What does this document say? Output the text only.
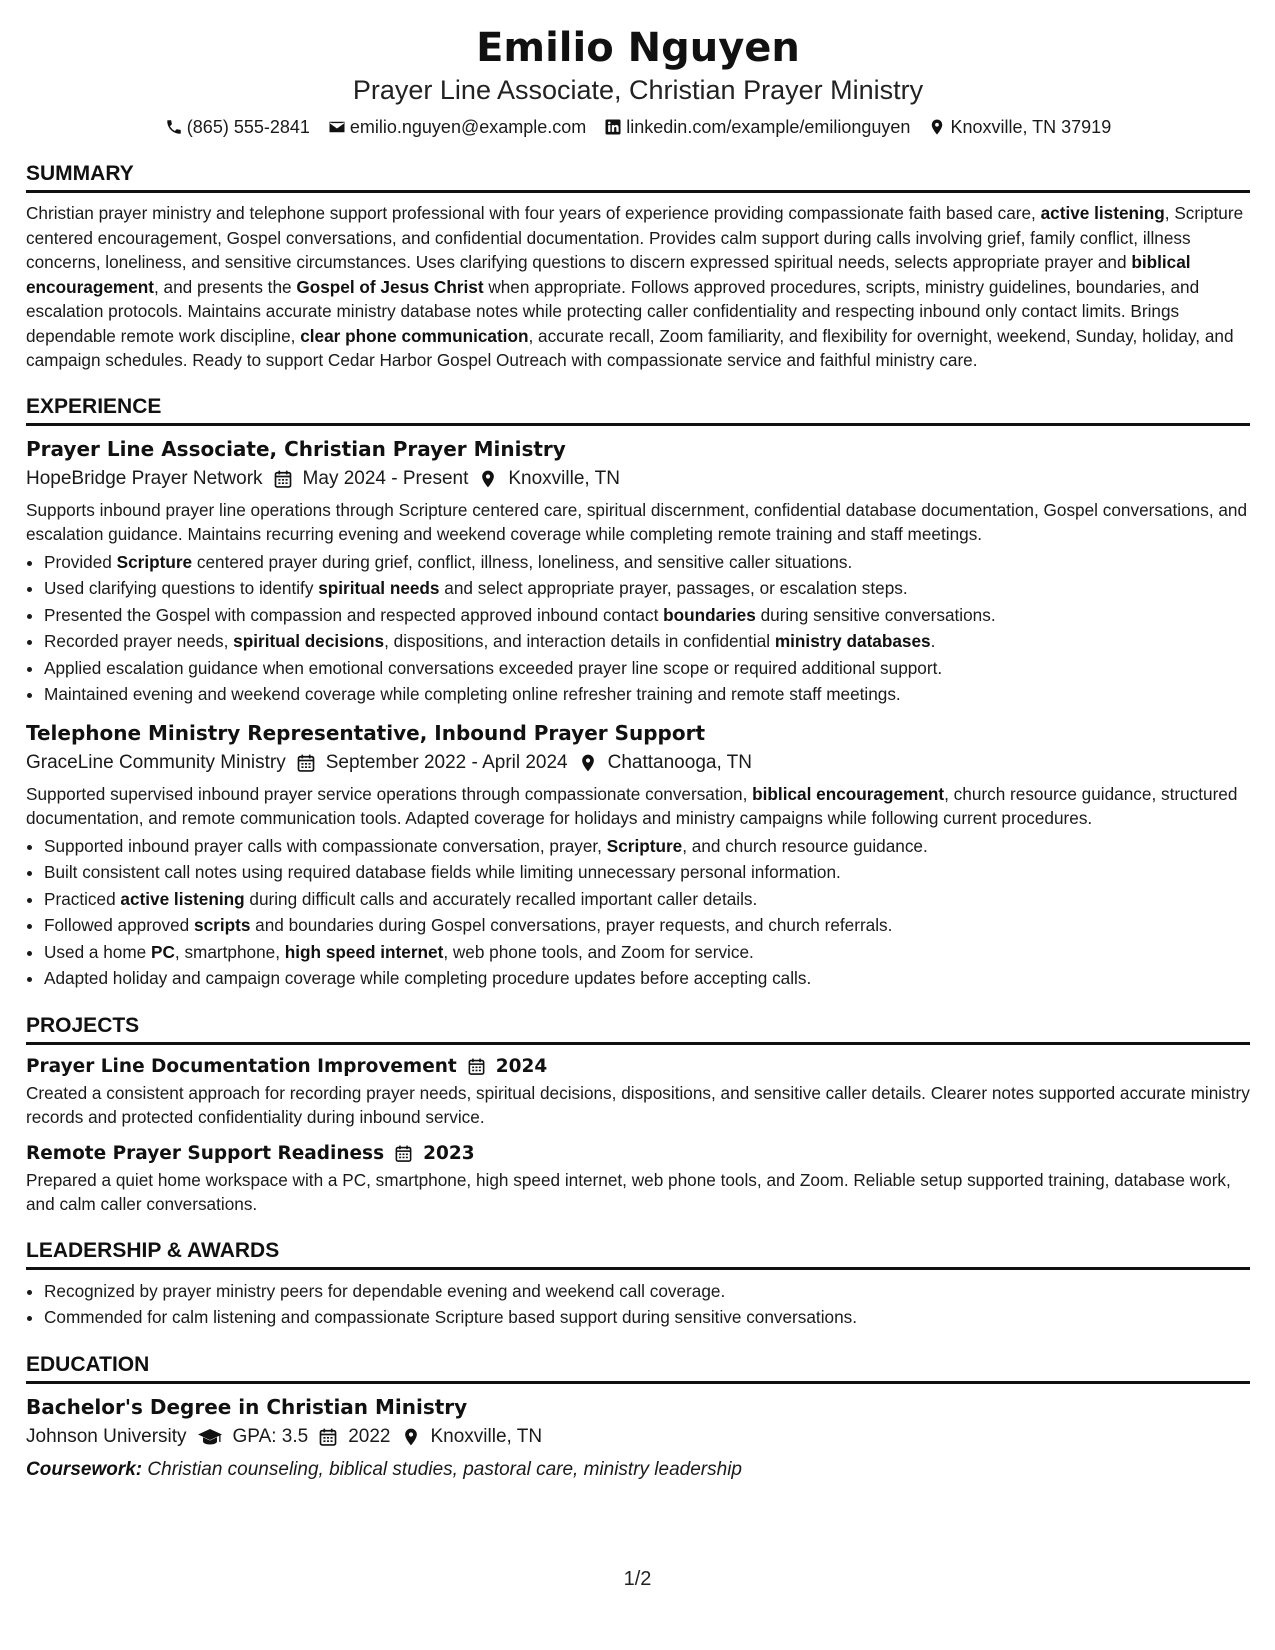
Emilio Nguyen
Prayer Line Associate, Christian Prayer Ministry
(865) 555-2841 emilio.nguyen@example.com linkedin.com/example/emilionguyen Knoxville, TN 37919
SUMMARY

Christian prayer ministry and telephone support professional with four years of experience providing compassionate faith based care, active listening, Scripture centered encouragement, Gospel conversations, and confidential documentation. Provides calm support during calls involving grief, family conflict, illness concerns, loneliness, and sensitive circumstances. Uses clarifying questions to discern expressed spiritual needs, selects appropriate prayer and biblical encouragement, and presents the Gospel of Jesus Christ when appropriate. Follows approved procedures, scripts, ministry guidelines, boundaries, and escalation protocols. Maintains accurate ministry database notes while protecting caller confidentiality and respecting inbound only contact limits. Brings dependable remote work discipline, clear phone communication, accurate recall, Zoom familiarity, and flexibility for overnight, weekend, Sunday, holiday, and campaign schedules. Ready to support Cedar Harbor Gospel Outreach with compassionate service and faithful ministry care.

EXPERIENCE
Prayer Line Associate, Christian Prayer Ministry
HopeBridge Prayer Network May 2024 - Present Knoxville, TN

Supports inbound prayer line operations through Scripture centered care, spiritual discernment, confidential database documentation, Gospel conversations, and escalation guidance. Maintains recurring evening and weekend coverage while completing remote training and staff meetings.

• Provided Scripture centered prayer during grief, conflict, illness, loneliness, and sensitive caller situations.
• Used clarifying questions to identify spiritual needs and select appropriate prayer, passages, or escalation steps.
• Presented the Gospel with compassion and respected approved inbound contact boundaries during sensitive conversations.
• Recorded prayer needs, spiritual decisions, dispositions, and interaction details in confidential ministry databases.
• Applied escalation guidance when emotional conversations exceeded prayer line scope or required additional support.
• Maintained evening and weekend coverage while completing online refresher training and remote staff meetings.
Telephone Ministry Representative, Inbound Prayer Support
GraceLine Community Ministry September 2022 - April 2024 Chattanooga, TN

Supported supervised inbound prayer service operations through compassionate conversation, biblical encouragement, church resource guidance, structured documentation, and remote communication tools. Adapted coverage for holidays and ministry campaigns while following current procedures.

• Supported inbound prayer calls with compassionate conversation, prayer, Scripture, and church resource guidance.
• Built consistent call notes using required database fields while limiting unnecessary personal information.
• Practiced active listening during difficult calls and accurately recalled important caller details.
• Followed approved scripts and boundaries during Gospel conversations, prayer requests, and church referrals.
• Used a home PC, smartphone, high speed internet, web phone tools, and Zoom for service.
• Adapted holiday and campaign coverage while completing procedure updates before accepting calls.
PROJECTS
Prayer Line Documentation Improvement 2024

Created a consistent approach for recording prayer needs, spiritual decisions, dispositions, and sensitive caller details. Clearer notes supported accurate ministry records and protected confidentiality during inbound service.

Remote Prayer Support Readiness 2023

Prepared a quiet home workspace with a PC, smartphone, high speed internet, web phone tools, and Zoom. Reliable setup supported training, database work, and calm caller conversations.

LEADERSHIP & AWARDS
• Recognized by prayer ministry peers for dependable evening and weekend call coverage.
• Commended for calm listening and compassionate Scripture based support during sensitive conversations.
EDUCATION
Bachelor's Degree in Christian Ministry
Johnson University GPA: 3.5 2022 Knoxville, TN
Coursework: Christian counseling, biblical studies, pastoral care, ministry leadership
1/2
